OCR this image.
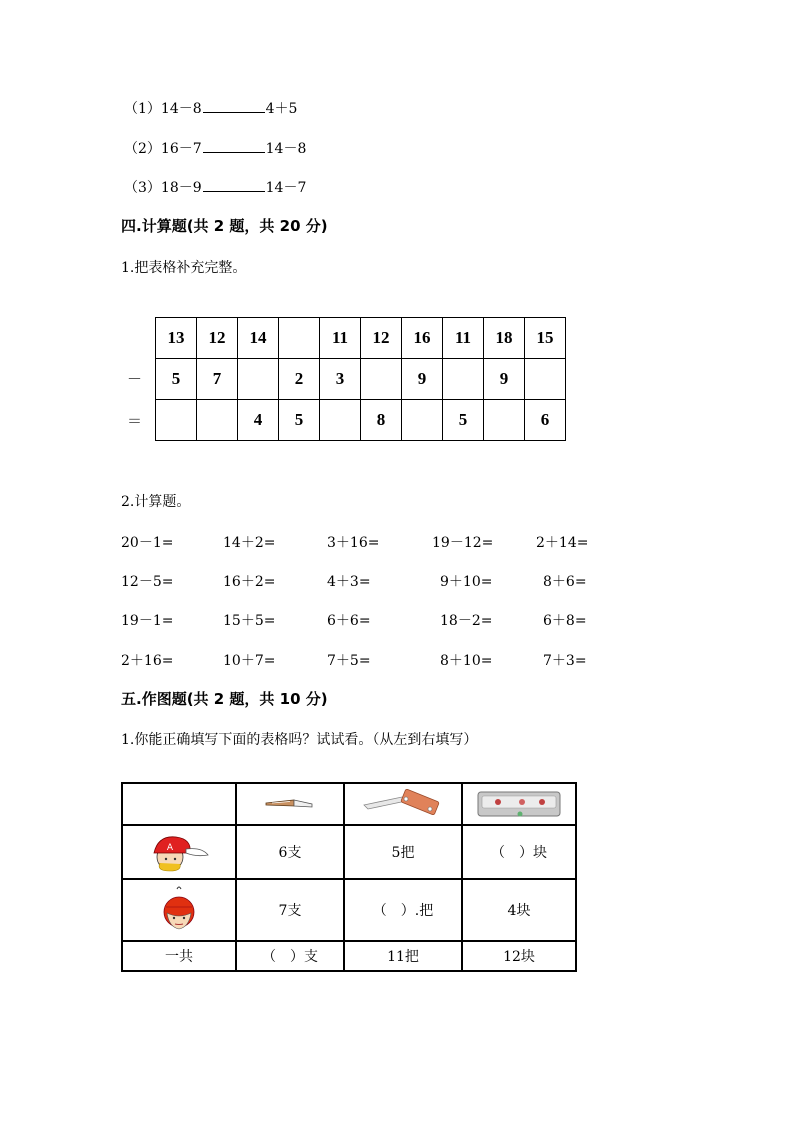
（1）14－8	4＋5
（2）16－7	14－8
（3）18－9	14－7
四.计算题(共 2 题，共 20 分)
1.把表格补充完整。
－
＝
13	12	14		11	12	16	11	18	15
5	7		2	3		9		9	
		4	5		8		5		6
2.计算题。
20－1=	14＋2=	3＋16=	19－12=	2＋14=
12－5=	16＋2=	4＋3=	9＋10=	8＋6=
19－1=	15＋5=	6＋6=	18－2=	6＋8=
2＋16=	10＋7=	7＋5=	8＋10=	7＋3=
五.作图题(共 2 题，共 10 分)
1.你能正确填写下面的表格吗？试试看。（从左到右填写）

A	6支	5把	（　）块

	7支	（　）.把	4块
一共	（　）支	11把	12块
